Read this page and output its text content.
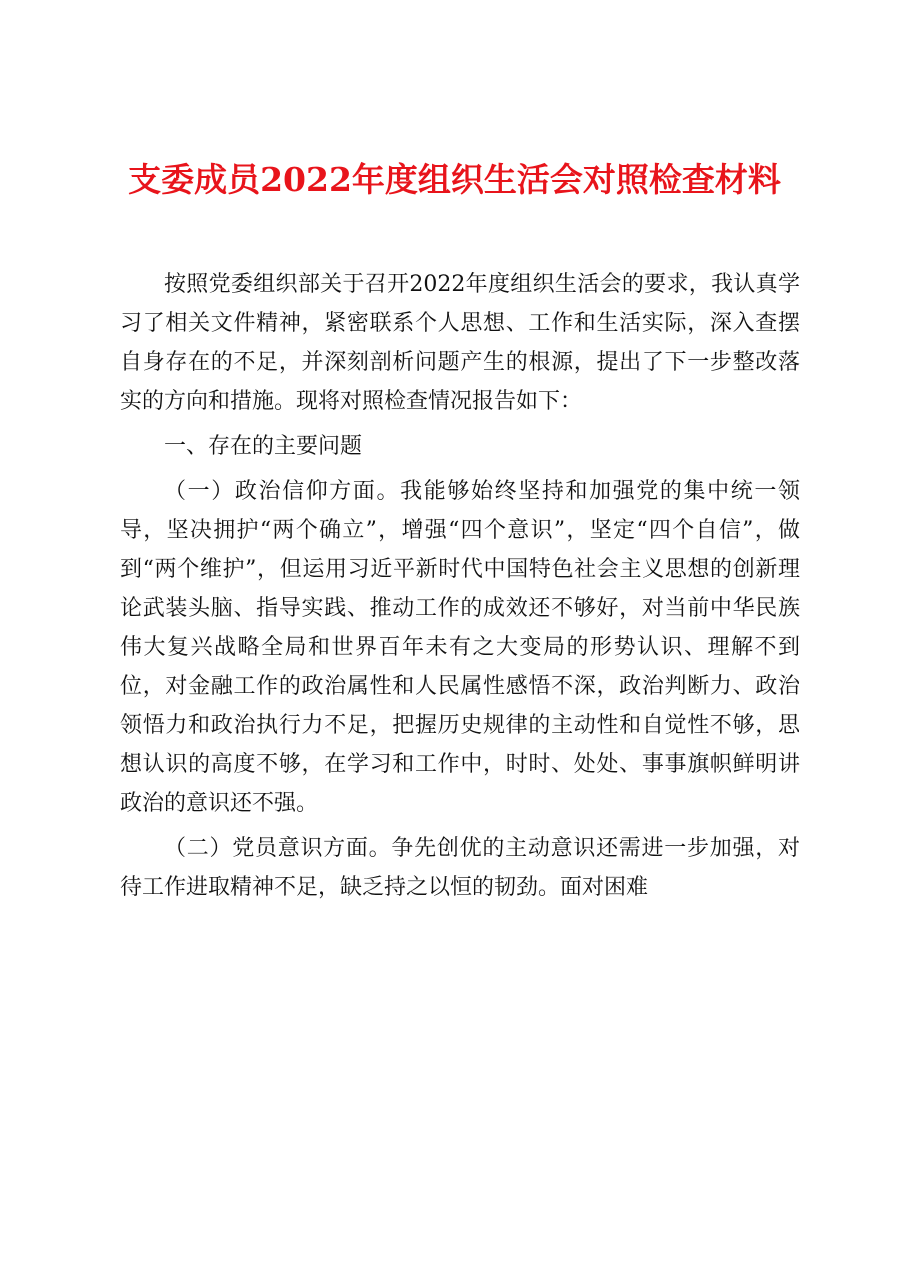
支委成员2022年度组织生活会对照检查材料

按照党委组织部关于召开2022年度组织生活会的要求，我认真学习了相关文件精神，紧密联系个人思想、工作和生活实际，深入查摆自身存在的不足，并深刻剖析问题产生的根源，提出了下一步整改落实的方向和措施。现将对照检查情况报告如下：

一、存在的主要问题

（一）政治信仰方面。我能够始终坚持和加强党的集中统一领导，坚决拥护“两个确立”，增强“四个意识”，坚定“四个自信”，做到“两个维护”，但运用习近平新时代中国特色社会主义思想的创新理论武装头脑、指导实践、推动工作的成效还不够好，对当前中华民族伟大复兴战略全局和世界百年未有之大变局的形势认识、理解不到位，对金融工作的政治属性和人民属性感悟不深，政治判断力、政治领悟力和政治执行力不足，把握历史规律的主动性和自觉性不够，思想认识的高度不够，在学习和工作中，时时、处处、事事旗帜鲜明讲政治的意识还不强。

（二）党员意识方面。争先创优的主动意识还需进一步加强，对待工作进取精神不足，缺乏持之以恒的韧劲。面对困难
